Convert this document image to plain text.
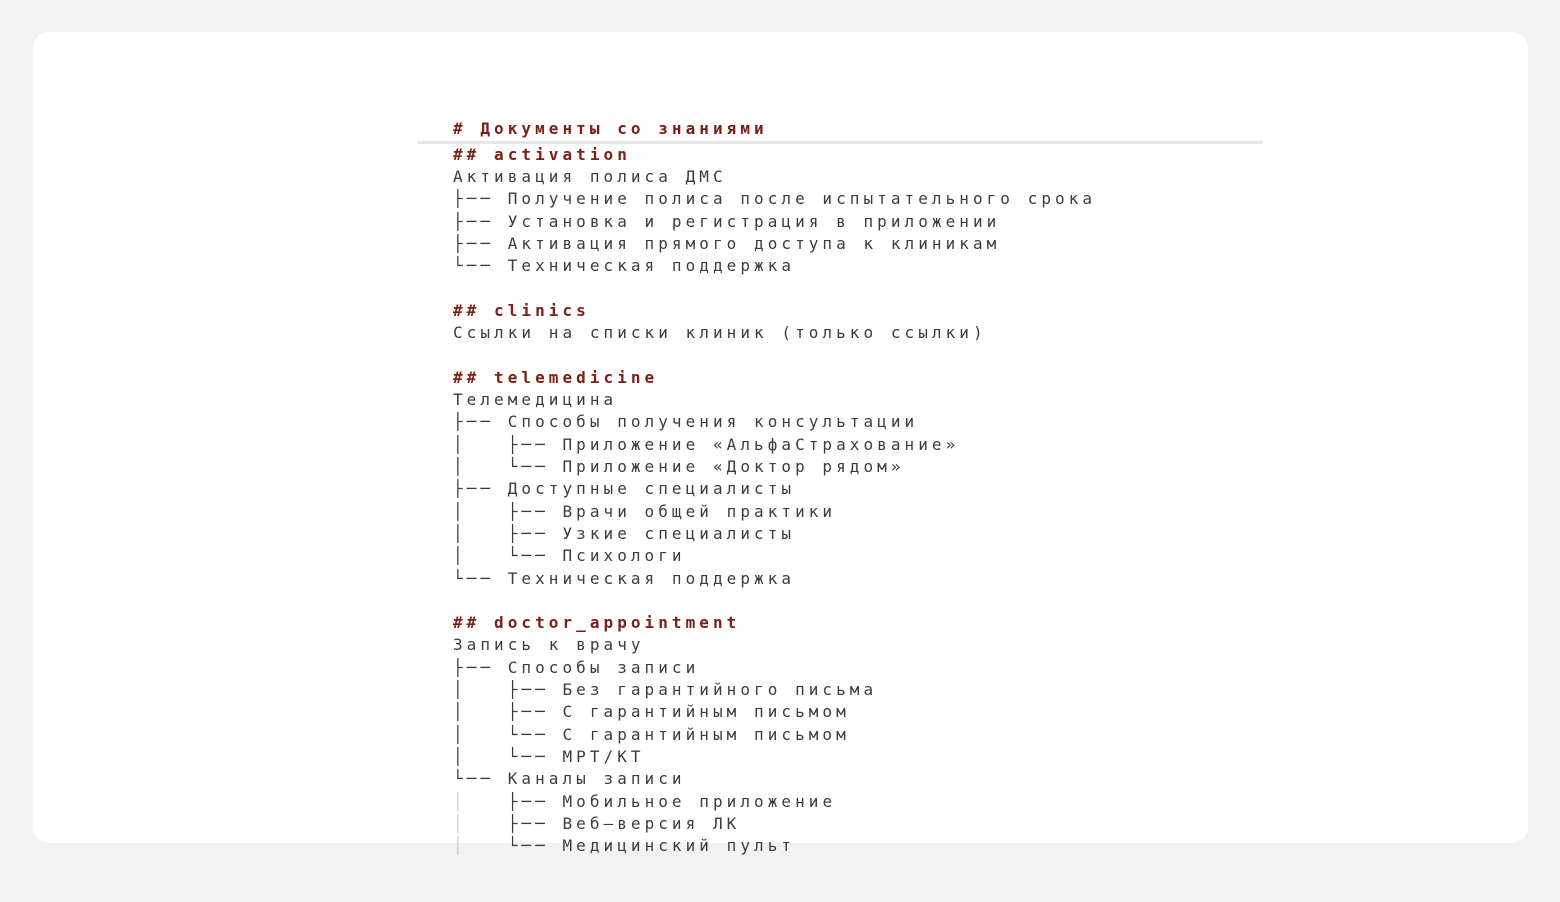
# Документы со знаниями
## activation
Активация полиса ДМС
├── Получение полиса после испытательного срока
├── Установка и регистрация в приложении
├── Активация прямого доступа к клиникам
└── Техническая поддержка
## clinics
Ссылки на списки клиник (только ссылки)
## telemedicine
Телемедицина
├── Способы получения консультации
│   ├── Приложение «АльфаСтрахование»
│   └── Приложение «Доктор рядом»
├── Доступные специалисты
│   ├── Врачи общей практики
│   ├── Узкие специалисты
│   └── Психологи
└── Техническая поддержка
## doctor_appointment
Запись к врачу
├── Способы записи
│   ├── Без гарантийного письма
│   ├── С гарантийным письмом
│   └── С гарантийным письмом
│   └── МРТ/КТ
└── Каналы записи
│   ├── Мобильное приложение
│   ├── Веб–версия ЛК
│   └── Медицинский пульт
